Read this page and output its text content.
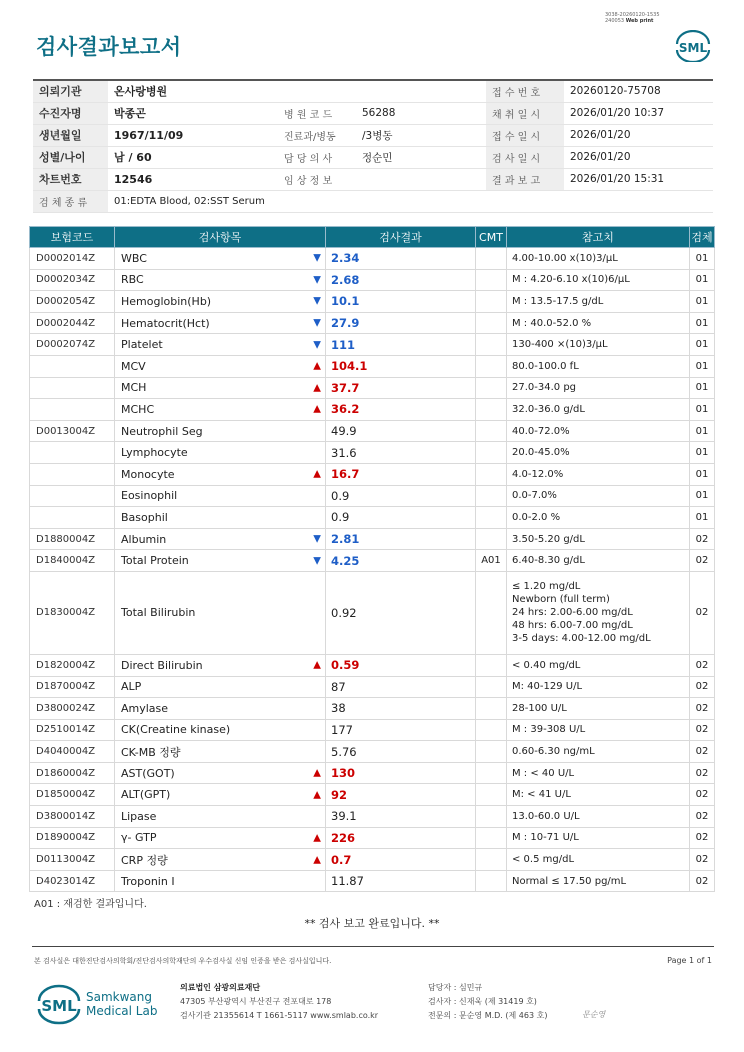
검사결과보고서
3038-20260120-1535
240053 Web print
SML
의뢰기관	온사랑병원			접 수 번 호	20260120-75708
수진자명	박종곤	병 원 코 드	56288	채 취 일 시	2026/01/20 10:37
생년월일	1967/11/09	진료과/병동	/3병동	접 수 일 시	2026/01/20
성별/나이	남 / 60	담 당 의 사	정순민	검 사 일 시	2026/01/20
차트번호	12546	임 상 정 보		결 과 보 고	2026/01/20 15:31
검 체 종 류	01:EDTA Blood, 02:SST Serum				
보험코드	검사항목	검사결과	CMT	참고치	검체
D0002014Z	WBC ▼	2.34		4.00-10.00 x(10)3/μL	01
D0002034Z	RBC ▼	2.68		M : 4.20-6.10 x(10)6/μL	01
D0002054Z	Hemoglobin(Hb) ▼	10.1		M : 13.5-17.5 g/dL	01
D0002044Z	Hematocrit(Hct) ▼	27.9		M : 40.0-52.0 %	01
D0002074Z	Platelet ▼	111		130-400 ×(10)3/μL	01
	MCV ▲	104.1		80.0-100.0 fL	01
	MCH ▲	37.7		27.0-34.0 pg	01
	MCHC ▲	36.2		32.0-36.0 g/dL	01
D0013004Z	Neutrophil Seg	49.9		40.0-72.0%	01
	Lymphocyte	31.6		20.0-45.0%	01
	Monocyte ▲	16.7		4.0-12.0%	01
	Eosinophil	0.9		0.0-7.0%	01
	Basophil	0.9		0.0-2.0 %	01
D1880004Z	Albumin ▼	2.81		3.50-5.20 g/dL	02
D1840004Z	Total Protein ▼	4.25	A01	6.40-8.30 g/dL	02
D1830004Z	Total Bilirubin	0.92		≤ 1.20 mg/dL
Newborn (full term)
24 hrs: 2.00-6.00 mg/dL
48 hrs: 6.00-7.00 mg/dL
3-5 days: 4.00-12.00 mg/dL	02
D1820004Z	Direct Bilirubin ▲	0.59		< 0.40 mg/dL	02
D1870004Z	ALP	87		M: 40-129 U/L	02
D3800024Z	Amylase	38		28-100 U/L	02
D2510014Z	CK(Creatine kinase)	177		M : 39-308 U/L	02
D4040004Z	CK-MB 정량	5.76		0.60-6.30 ng/mL	02
D1860004Z	AST(GOT) ▲	130		M : < 40 U/L	02
D1850004Z	ALT(GPT) ▲	92		M: < 41 U/L	02
D3800014Z	Lipase	39.1		13.0-60.0 U/L	02
D1890004Z	γ- GTP ▲	226		M : 10-71 U/L	02
D0113004Z	CRP 정량 ▲	0.7		< 0.5 mg/dL	02
D4023014Z	Troponin I	11.87		Normal ≤ 17.50 pg/mL	02
A01 : 재검한 결과입니다.
** 검사 보고 완료입니다. **
본 검사실은 대한진단검사의학회/진단검사의학재단의 우수검사실 신임 인증을 받은 검사실입니다.	Page 1 of 1
SML Samkwang
Medical Lab
의료법인 삼광의료재단
47305 부산광역시 부산진구 전포대로 178
검사기관 21355614 T 1661-5117 www.smlab.co.kr
담당자 : 심민규
검사자 : 신재욱 (제 31419 호)
전문의 : 문순영 M.D. (제 463 호)	문순영
